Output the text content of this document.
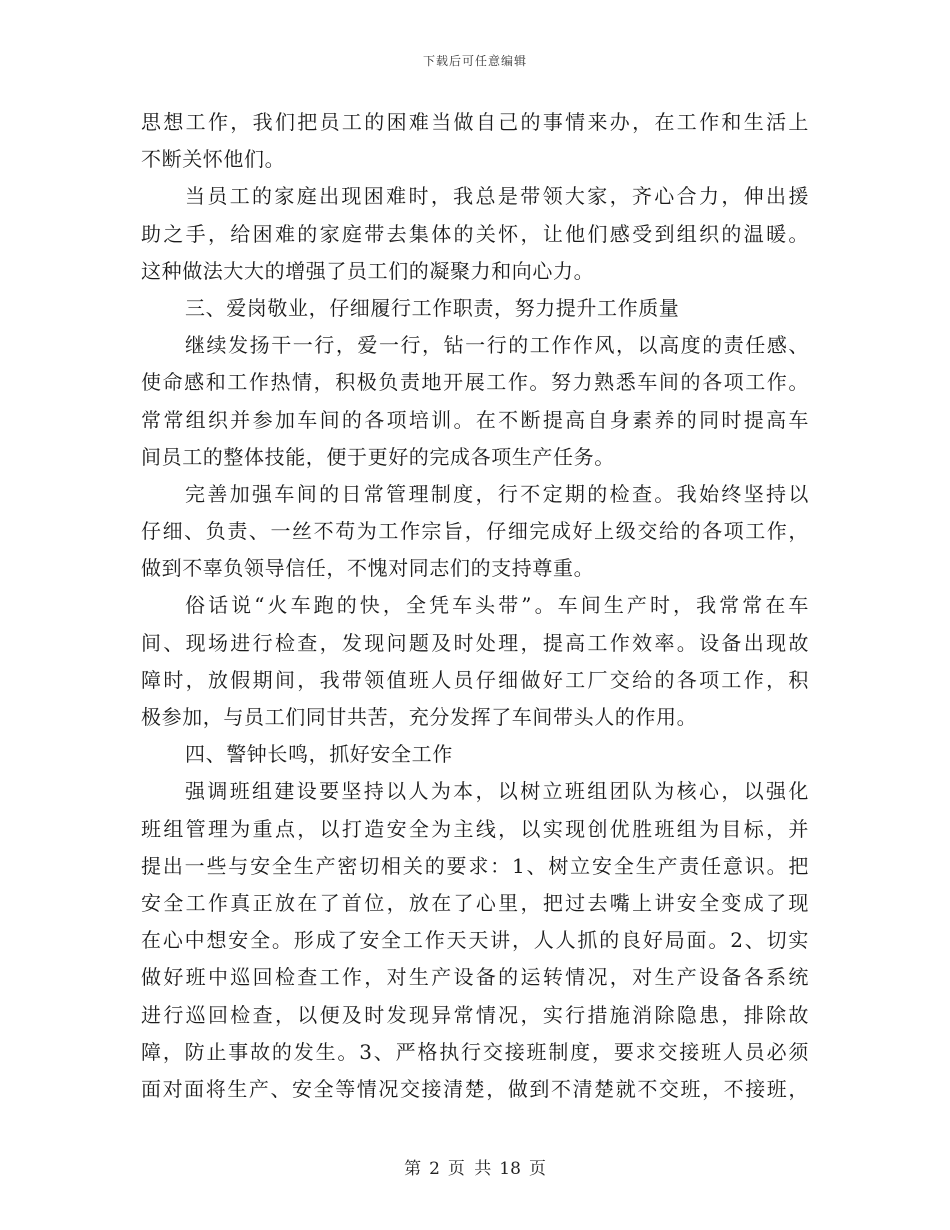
下载后可任意编辑
思想工作，我们把员工的困难当做自己的事情来办，在工作和生活上
不断关怀他们。
当员工的家庭出现困难时，我总是带领大家，齐心合力，伸出援
助之手，给困难的家庭带去集体的关怀，让他们感受到组织的温暖。
这种做法大大的增强了员工们的凝聚力和向心力。
三、爱岗敬业，仔细履行工作职责，努力提升工作质量
继续发扬干一行，爱一行，钻一行的工作作风，以高度的责任感、
使命感和工作热情，积极负责地开展工作。努力熟悉车间的各项工作。
常常组织并参加车间的各项培训。在不断提高自身素养的同时提高车
间员工的整体技能，便于更好的完成各项生产任务。
完善加强车间的日常管理制度，行不定期的检查。我始终坚持以
仔细、负责、一丝不苟为工作宗旨，仔细完成好上级交给的各项工作，
做到不辜负领导信任，不愧对同志们的支持尊重。
俗话说“火车跑的快，全凭车头带”。车间生产时，我常常在车
间、现场进行检查，发现问题及时处理，提高工作效率。设备出现故
障时，放假期间，我带领值班人员仔细做好工厂交给的各项工作，积
极参加，与员工们同甘共苦，充分发挥了车间带头人的作用。
四、警钟长鸣，抓好安全工作
强调班组建设要坚持以人为本，以树立班组团队为核心，以强化
班组管理为重点，以打造安全为主线，以实现创优胜班组为目标，并
提出一些与安全生产密切相关的要求：1、树立安全生产责任意识。把
安全工作真正放在了首位，放在了心里，把过去嘴上讲安全变成了现
在心中想安全。形成了安全工作天天讲，人人抓的良好局面。2、切实
做好班中巡回检查工作，对生产设备的运转情况，对生产设备各系统
进行巡回检查，以便及时发现异常情况，实行措施消除隐患，排除故
障，防止事故的发生。3、严格执行交接班制度，要求交接班人员必须
面对面将生产、安全等情况交接清楚，做到不清楚就不交班，不接班，
第 2 页 共 18 页
